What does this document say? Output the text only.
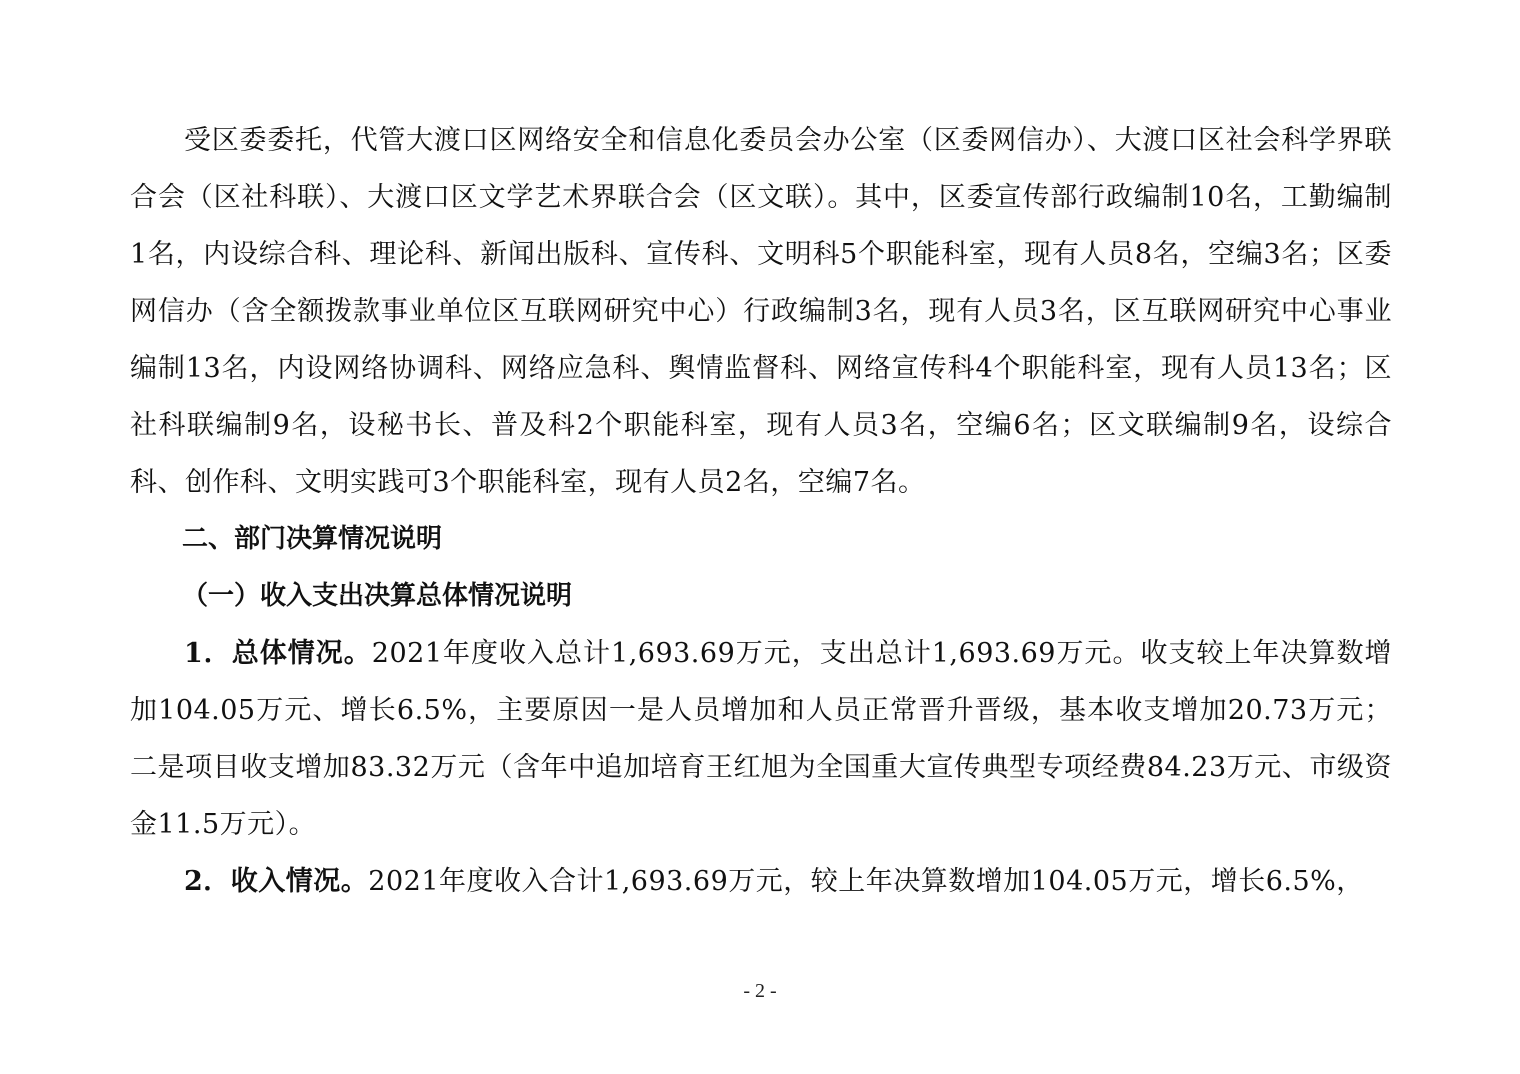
受区委委托，代管大渡口区网络安全和信息化委员会办公室（区委网信办）、大渡口区社会科学界联合会（区社科联）、大渡口区文学艺术界联合会（区文联）。其中，区委宣传部行政编制10名，工勤编制1名，内设综合科、理论科、新闻出版科、宣传科、文明科5个职能科室，现有人员8名，空编3名；区委网信办（含全额拨款事业单位区互联网研究中心）行政编制3名，现有人员3名，区互联网研究中心事业编制13名，内设网络协调科、网络应急科、舆情监督科、网络宣传科4个职能科室，现有人员13名；区社科联编制9名，设秘书长、普及科2个职能科室，现有人员3名，空编6名；区文联编制9名，设综合科、创作科、文明实践可3个职能科室，现有人员2名，空编7名。

二、部门决算情况说明

（一）收入支出决算总体情况说明

1．总体情况。2021年度收入总计1,693.69万元，支出总计1,693.69万元。收支较上年决算数增加104.05万元、增长6.5%，主要原因一是人员增加和人员正常晋升晋级，基本收支增加20.73万元；二是项目收支增加83.32万元（含年中追加培育王红旭为全国重大宣传典型专项经费84.23万元、市级资金11.5万元）。

2．收入情况。2021年度收入合计1,693.69万元，较上年决算数增加104.05万元，增长6.5%，

- 2 -
